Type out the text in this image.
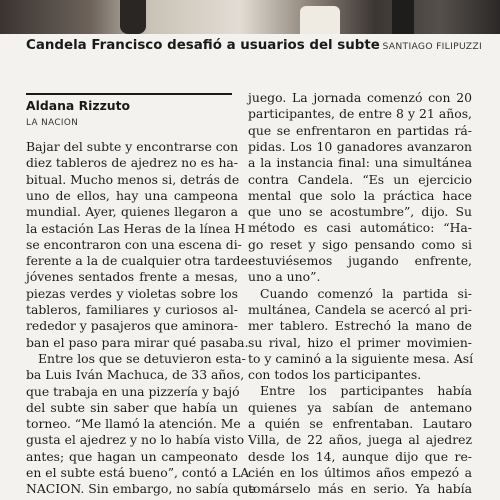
Candela Francisco desafió a usuarios del subte SANTIAGO FILIPUZZI
Aldana Rizzuto
LA NACION
Bajar del subte y encontrarse con
diez tableros de ajedrez no es ha-
bitual. Mucho menos si, detrás de
uno de ellos, hay una campeona
mundial. Ayer, quienes llegaron a
la estación Las Heras de la línea H
se encontraron con una escena di-
ferente a la de cualquier otra tarde:
jóvenes sentados frente a mesas,
piezas verdes y violetas sobre los
tableros, familiares y curiosos al-
rededor y pasajeros que aminora-
ban el paso para mirar qué pasaba.
Entre los que se detuvieron esta-
ba Luis Iván Machuca, de 33 años,
que trabaja en una pizzería y bajó
del subte sin saber que había un
torneo. “Me llamó la atención. Me
gusta el ajedrez y no lo había visto
antes; que hagan un campeonato
en el subte está bueno”, contó a LA
NACION. Sin embargo, no sabía que
juego. La jornada comenzó con 20
participantes, de entre 8 y 21 años,
que se enfrentaron en partidas rá-
pidas. Los 10 ganadores avanzaron
a la instancia final: una simultánea
contra Candela. “Es un ejercicio
mental que solo la práctica hace
que uno se acostumbre”, dijo. Su
método es casi automático: “Ha-
go reset y sigo pensando como si
estuviésemos jugando enfrente,
uno a uno”.
Cuando comenzó la partida si-
multánea, Candela se acercó al pri-
mer tablero. Estrechó la mano de
su rival, hizo el primer movimien-
to y caminó a la siguiente mesa. Así
con todos los participantes.
Entre los participantes había
quienes ya sabían de antemano
a quién se enfrentaban. Lautaro
Villa, de 22 años, juega al ajedrez
desde los 14, aunque dijo que re-
cién en los últimos años empezó a
tomárselo más en serio. Ya había
